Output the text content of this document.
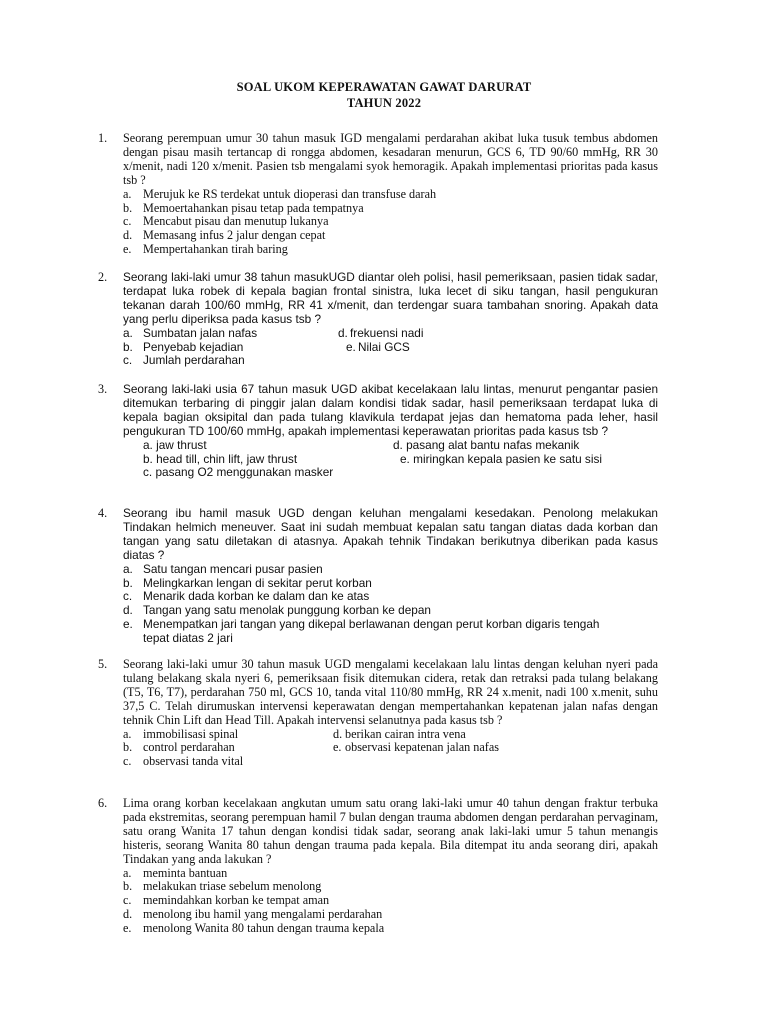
SOAL UKOM KEPERAWATAN GAWAT DARURAT
TAHUN 2022
1.	Seorang perempuan umur 30 tahun masuk IGD mengalami perdarahan akibat luka tusuk tembus abdomen dengan pisau masih tertancap di rongga abdomen, kesadaran menurun, GCS 6, TD 90/60 mmHg, RR 30 x/menit, nadi 120 x/menit. Pasien tsb mengalami syok hemoragik. Apakah implementasi prioritas pada kasus tsb ?
a. Merujuk ke RS terdekat untuk dioperasi dan transfuse darah
b. Memoertahankan pisau tetap pada tempatnya
c. Mencabut pisau dan menutup lukanya
d. Memasang infus 2 jalur dengan cepat
e. Mempertahankan tirah baring
2.	Seorang laki-laki umur 38 tahun masukUGD diantar oleh polisi, hasil pemeriksaan, pasien tidak sadar, terdapat luka robek di kepala bagian frontal sinistra, luka lecet di siku tangan, hasil pengukuran tekanan darah 100/60 mmHg, RR 41 x/menit, dan terdengar suara tambahan snoring. Apakah data yang perlu diperiksa pada kasus tsb ?
a. Sumbatan jalan nafas	d. frekuensi nadi
b. Penyebab kejadian	e. Nilai GCS
c. Jumlah perdarahan
3.	Seorang laki-laki usia 67 tahun masuk UGD akibat kecelakaan lalu lintas, menurut pengantar pasien ditemukan terbaring di pinggir jalan dalam kondisi tidak sadar, hasil pemeriksaan terdapat luka di kepala bagian oksipital dan pada tulang klavikula terdapat jejas dan hematoma pada leher, hasil pengukuran TD 100/60 mmHg, apakah implementasi keperawatan prioritas pada kasus tsb ?
a. jaw thrust	d. pasang alat bantu nafas mekanik
b. head till, chin lift, jaw thrust	e. miringkan kepala pasien ke satu sisi
c. pasang O2 menggunakan masker
4.	Seorang ibu hamil masuk UGD dengan keluhan mengalami kesedakan. Penolong melakukan Tindakan helmich meneuver. Saat ini sudah membuat kepalan satu tangan diatas dada korban dan tangan yang satu diletakan di atasnya. Apakah tehnik Tindakan berikutnya diberikan pada kasus diatas ?
a. Satu tangan mencari pusar pasien
b. Melingkarkan lengan di sekitar perut korban
c. Menarik dada korban ke dalam dan ke atas
d. Tangan yang satu menolak punggung korban ke depan
e. Menempatkan jari tangan yang dikepal berlawanan dengan perut korban digaris tengah tepat diatas 2 jari
5.	Seorang laki-laki umur 30 tahun masuk UGD mengalami kecelakaan lalu lintas dengan keluhan nyeri pada tulang belakang skala nyeri 6, pemeriksaan fisik ditemukan cidera, retak dan retraksi pada tulang belakang (T5, T6, T7), perdarahan 750 ml, GCS 10, tanda vital 110/80 mmHg, RR 24 x.menit, nadi 100 x.menit, suhu 37,5 C. Telah dirumuskan intervensi keperawatan dengan mempertahankan kepatenan jalan nafas dengan tehnik Chin Lift dan Head Till. Apakah intervensi selanutnya pada kasus tsb ?
a. immobilisasi spinal	d. berikan cairan intra vena
b. control perdarahan	e. observasi kepatenan jalan nafas
c. observasi tanda vital
6.	Lima orang korban kecelakaan angkutan umum satu orang laki-laki umur 40 tahun dengan fraktur terbuka pada ekstremitas, seorang perempuan hamil 7 bulan dengan trauma abdomen dengan perdarahan pervaginam, satu orang Wanita 17 tahun dengan kondisi tidak sadar, seorang anak laki-laki umur 5 tahun menangis histeris, seorang Wanita 80 tahun dengan trauma pada kepala. Bila ditempat itu anda seorang diri, apakah Tindakan yang anda lakukan ?
a. meminta bantuan
b. melakukan triase sebelum menolong
c. memindahkan korban ke tempat aman
d. menolong ibu hamil yang mengalami perdarahan
e. menolong Wanita 80 tahun dengan trauma kepala
